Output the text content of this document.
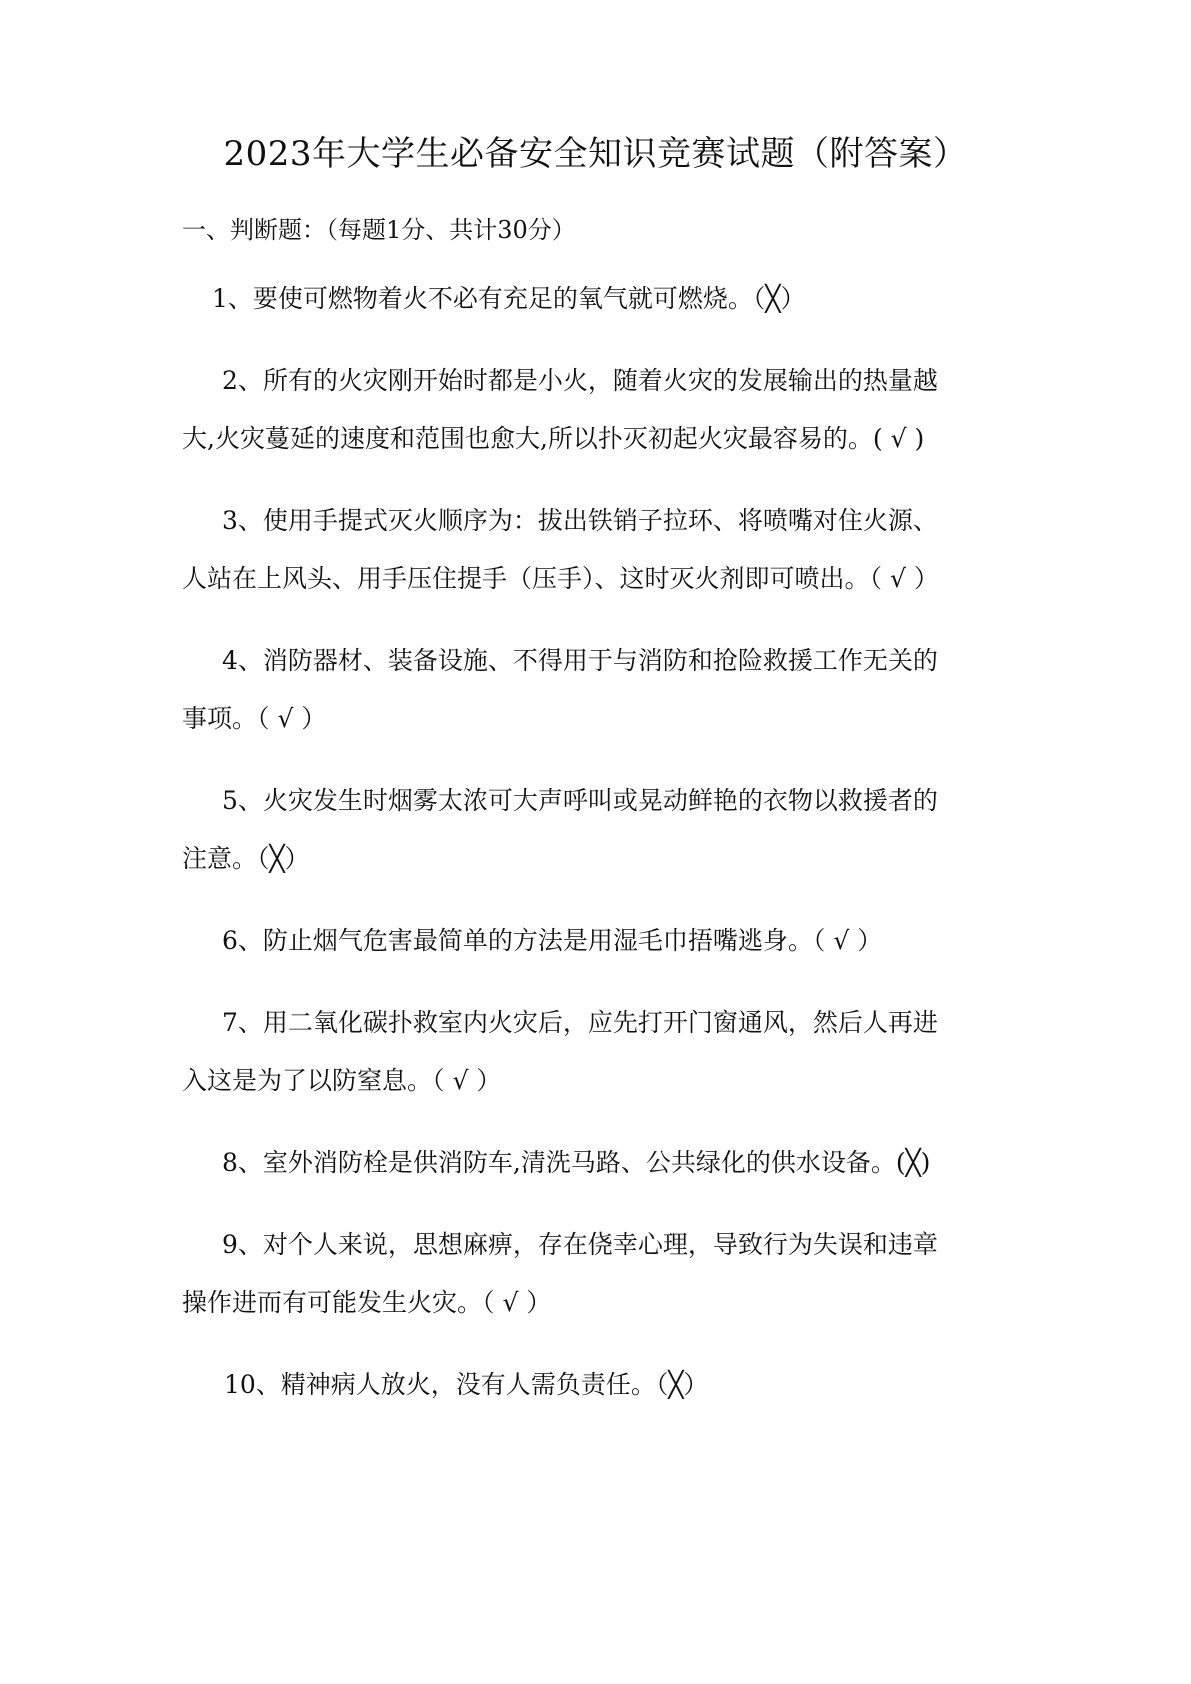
2023年大学生必备安全知识竞赛试题（附答案）
一、判断题：（每题1分、共计30分）
1、要使可燃物着火不必有充足的氧气就可燃烧。（╳）
2、所有的火灾刚开始时都是小火，随着火灾的发展输出的热量越
大,火灾蔓延的速度和范围也愈大,所以扑灭初起火灾最容易的。( √ )
3、使用手提式灭火顺序为：拔出铁销子拉环、将喷嘴对住火源、
人站在上风头、用手压住提手（压手）、这时灭火剂即可喷出。（ √ ）
4、消防器材、装备设施、不得用于与消防和抢险救援工作无关的
事项。（ √ ）
5、火灾发生时烟雾太浓可大声呼叫或晃动鲜艳的衣物以救援者的
注意。（╳）
6、防止烟气危害最简单的方法是用湿毛巾捂嘴逃身。（ √ ）
7、用二氧化碳扑救室内火灾后，应先打开门窗通风，然后人再进
入这是为了以防窒息。（ √ ）
8、室外消防栓是供消防车,清洗马路、公共绿化的供水设备。(╳)
9、对个人来说，思想麻痹，存在侥幸心理，导致行为失误和违章
操作进而有可能发生火灾。（ √ ）
10、精神病人放火，没有人需负责任。（╳）
